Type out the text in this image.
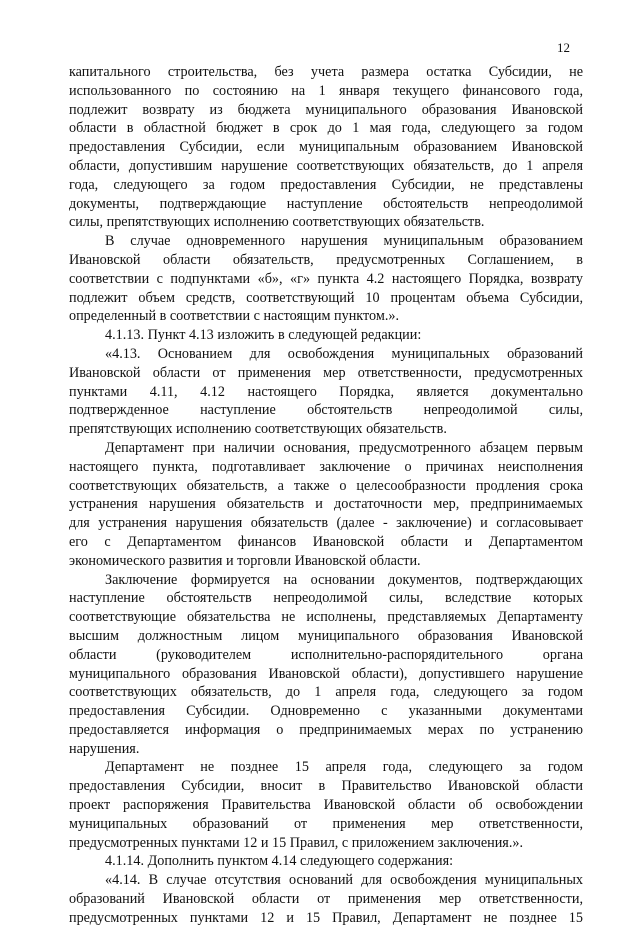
12
капитального строительства, без учета размера остатка Субсидии, не
использованного по состоянию на 1 января текущего финансового года,
подлежит возврату из бюджета муниципального образования Ивановской
области в областной бюджет в срок до 1 мая года, следующего за годом
предоставления Субсидии, если муниципальным образованием Ивановской
области, допустившим нарушение соответствующих обязательств, до 1 апреля
года, следующего за годом предоставления Субсидии, не представлены
документы, подтверждающие наступление обстоятельств непреодолимой
силы, препятствующих исполнению соответствующих обязательств.
В случае одновременного нарушения муниципальным образованием
Ивановской области обязательств, предусмотренных Соглашением, в
соответствии с подпунктами «б», «г» пункта 4.2 настоящего Порядка, возврату
подлежит объем средств, соответствующий 10 процентам объема Субсидии,
определенный в соответствии с настоящим пунктом.».
4.1.13. Пункт 4.13 изложить в следующей редакции:
«4.13. Основанием для освобождения муниципальных образований
Ивановской области от применения мер ответственности, предусмотренных
пунктами 4.11, 4.12 настоящего Порядка, является документально
подтвержденное наступление обстоятельств непреодолимой силы,
препятствующих исполнению соответствующих обязательств.
Департамент при наличии основания, предусмотренного абзацем первым
настоящего пункта, подготавливает заключение о причинах неисполнения
соответствующих обязательств, а также о целесообразности продления срока
устранения нарушения обязательств и достаточности мер, предпринимаемых
для устранения нарушения обязательств (далее - заключение) и согласовывает
его с Департаментом финансов Ивановской области и Департаментом
экономического развития и торговли Ивановской области.
Заключение формируется на основании документов, подтверждающих
наступление обстоятельств непреодолимой силы, вследствие которых
соответствующие обязательства не исполнены, представляемых Департаменту
высшим должностным лицом муниципального образования Ивановской
области (руководителем исполнительно-распорядительного органа
муниципального образования Ивановской области), допустившего нарушение
соответствующих обязательств, до 1 апреля года, следующего за годом
предоставления Субсидии. Одновременно с указанными документами
предоставляется информация о предпринимаемых мерах по устранению
нарушения.
Департамент не позднее 15 апреля года, следующего за годом
предоставления Субсидии, вносит в Правительство Ивановской области
проект распоряжения Правительства Ивановской области об освобождении
муниципальных образований от применения мер ответственности,
предусмотренных пунктами 12 и 15 Правил, с приложением заключения.».
4.1.14. Дополнить пунктом 4.14 следующего содержания:
«4.14. В случае отсутствия оснований для освобождения муниципальных
образований Ивановской области от применения мер ответственности,
предусмотренных пунктами 12 и 15 Правил, Департамент не позднее 15
